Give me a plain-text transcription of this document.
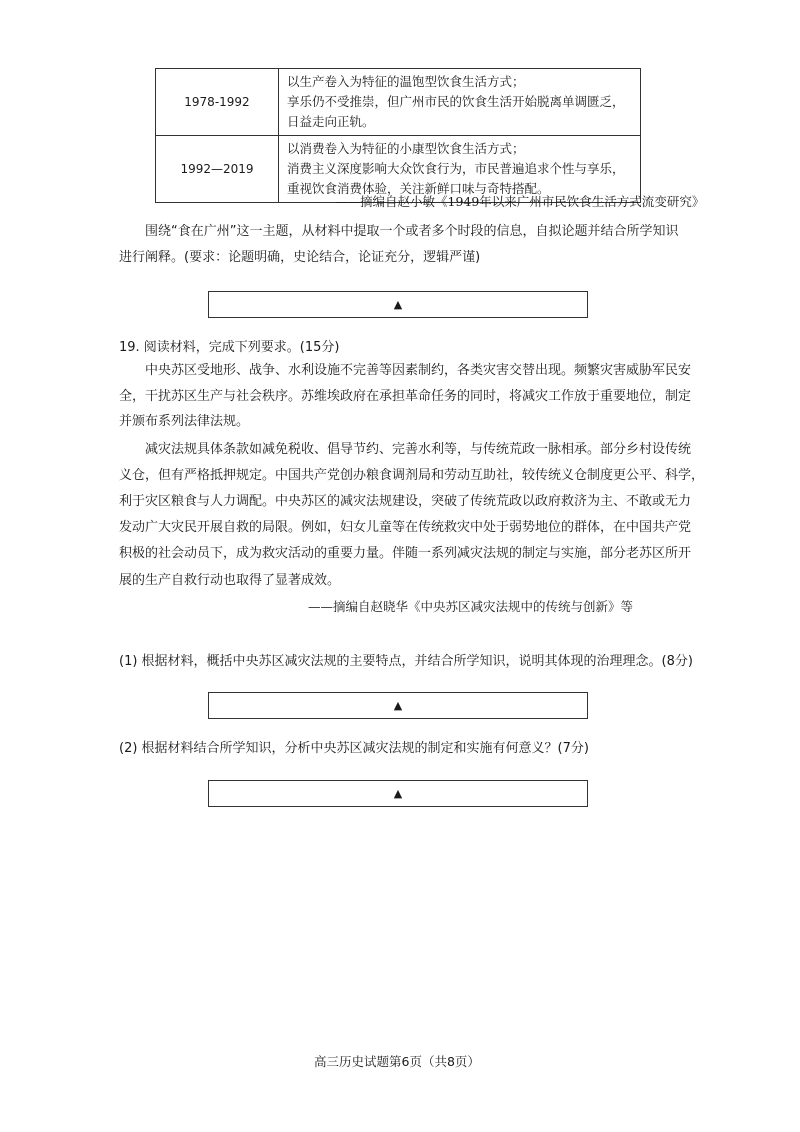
1978-1992	以生产卷入为特征的温饱型饮食生活方式；
享乐仍不受推崇，但广州市民的饮食生活开始脱离单调匮乏，
日益走向正轨。

1992—2019	以消费卷入为特征的小康型饮食生活方式；
消费主义深度影响大众饮食行为，市民普遍追求个性与享乐，
重视饮食消费体验，关注新鲜口味与奇特搭配。
——摘编自赵小敏《1949年以来广州市民饮食生活方式流变研究》
围绕“食在广州”这一主题，从材料中提取一个或者多个时段的信息，自拟论题并结合所学知识
进行阐释。(要求：论题明确，史论结合，论证充分，逻辑严谨)
▲
19. 阅读材料，完成下列要求。(15分)
中央苏区受地形、战争、水利设施不完善等因素制约，各类灾害交替出现。频繁灾害威胁军民安
全，干扰苏区生产与社会秩序。苏维埃政府在承担革命任务的同时，将减灾工作放于重要地位，制定
并颁布系列法律法规。
减灾法规具体条款如减免税收、倡导节约、完善水利等，与传统荒政一脉相承。部分乡村设传统
义仓，但有严格抵押规定。中国共产党创办粮食调剂局和劳动互助社，较传统义仓制度更公平、科学，
利于灾区粮食与人力调配。中央苏区的减灾法规建设，突破了传统荒政以政府救济为主、不敢或无力
发动广大灾民开展自救的局限。例如，妇女儿童等在传统救灾中处于弱势地位的群体，在中国共产党
积极的社会动员下，成为救灾活动的重要力量。伴随一系列减灾法规的制定与实施，部分老苏区所开
展的生产自救行动也取得了显著成效。
——摘编自赵晓华《中央苏区减灾法规中的传统与创新》等
(1) 根据材料，概括中央苏区减灾法规的主要特点，并结合所学知识，说明其体现的治理理念。(8分)
▲
(2) 根据材料结合所学知识，分析中央苏区减灾法规的制定和实施有何意义？(7分)
▲
高三历史试题第6页（共8页）
